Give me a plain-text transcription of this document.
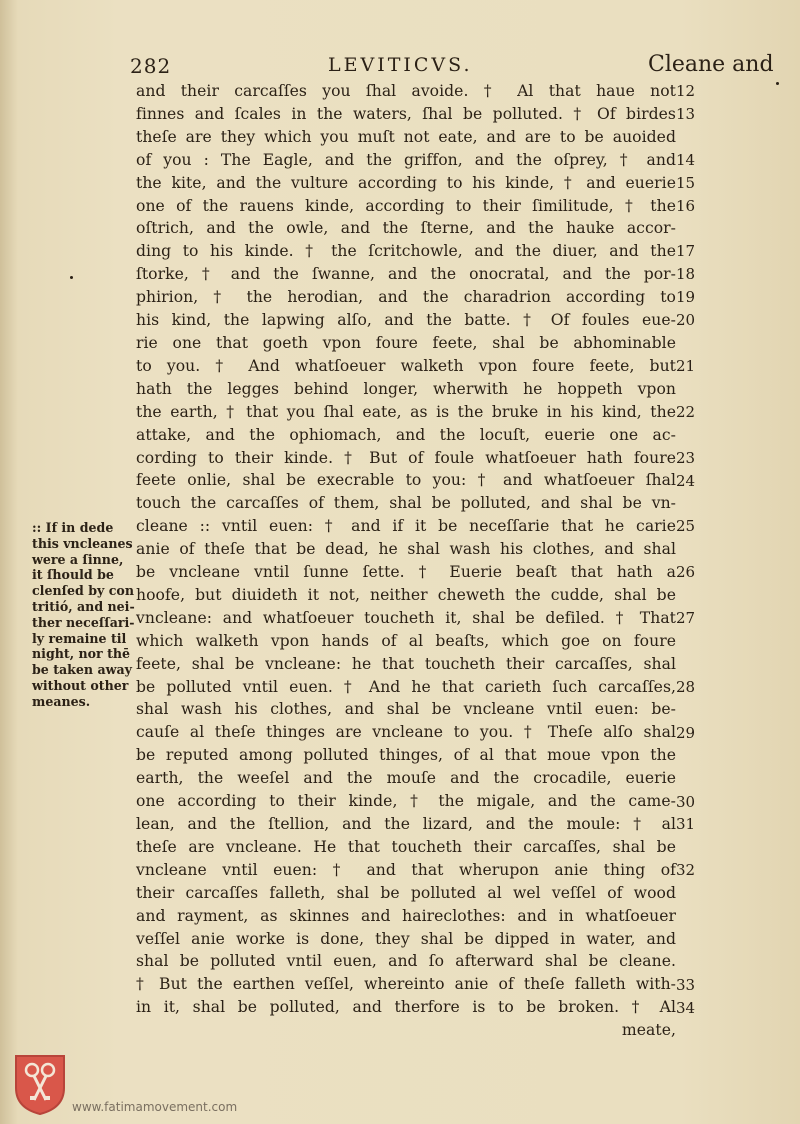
282	LEVITICVS.	Cleane and
and their carcaſſes you ſhal avoide. † Al that haue not
finnes and ſcales in the waters, ſhal be polluted. † Of birdes
theſe are they which you muſt not eate, and are to be auoided
of you : The Eagle, and the griffon, and the oſprey, † and
the kite, and the vulture according to his kinde, † and euerie
one of the rauens kinde, according to their ſimilitude, † the
oſtrich, and the owle, and the ſterne, and the hauke accor-
ding to his kinde. † the ſcritchowle, and the diuer, and the
ſtorke, † and the ſwanne, and the onocratal, and the por-
phirion, † the herodian, and the charadrion according to
his kind, the lapwing alſo, and the batte. † Of foules eue-
rie one that goeth vpon foure feete, shal be abhominable
to you. † And whatſoeuer walketh vpon foure feete, but
hath the legges behind longer, wherwith he hoppeth vpon
the earth, † that you ſhal eate, as is the bruke in his kind, the
attake, and the ophiomach, and the locuſt, euerie one ac-
cording to their kinde. † But of foule whatſoeuer hath foure
feete onlie, shal be execrable to you: † and whatſoeuer ſhal
touch the carcaſſes of them, shal be polluted, and shal be vn-
cleane :: vntil euen: † and if it be neceſſarie that he carie
anie of theſe that be dead, he shal wash his clothes, and shal
be vncleane vntil ſunne ſette. † Euerie beaſt that hath a
hoofe, but diuideth it not, neither cheweth the cudde, shal be
vncleane: and whatſoeuer toucheth it, shal be defiled. † That
which walketh vpon hands of al beaſts, which goe on foure
feete, shal be vncleane: he that toucheth their carcaſſes, shal
be polluted vntil euen. † And he that carieth ſuch carcaſſes,
shal wash his clothes, and shal be vncleane vntil euen: be-
cauſe al theſe thinges are vncleane to you. † Theſe alſo shal
be reputed among polluted thinges, of al that moue vpon the
earth, the weeſel and the mouſe and the crocadile, euerie
one according to their kinde, † the migale, and the came-
lean, and the ſtellion, and the lizard, and the moule: † al
theſe are vncleane. He that toucheth their carcaſſes, shal be
vncleane vntil euen: † and that wherupon anie thing of
their carcaſſes falleth, shal be polluted al wel veſſel of wood
and rayment, as skinnes and haireclothes: and in whatſoeuer
veſſel anie worke is done, they shal be dipped in water, and
shal be polluted vntil euen, and ſo afterward shal be cleane.
† But the earthen veſſel, whereinto anie of theſe falleth with-
in it, shal be polluted, and therfore is to be broken. † Al
meate,
12
13
14
15
16
17
18
19
20
21
22
23
24
25
26
27
28
29
30
31
32
33
34
:: If in dede
this vncleanes
were a ſinne,
it ſhould be
clenſed by con
tritió, and nei-
ther neceſſari-
ly remaine til
night, nor thē
be taken away
without other
meanes.
www.fatimamovement.com
